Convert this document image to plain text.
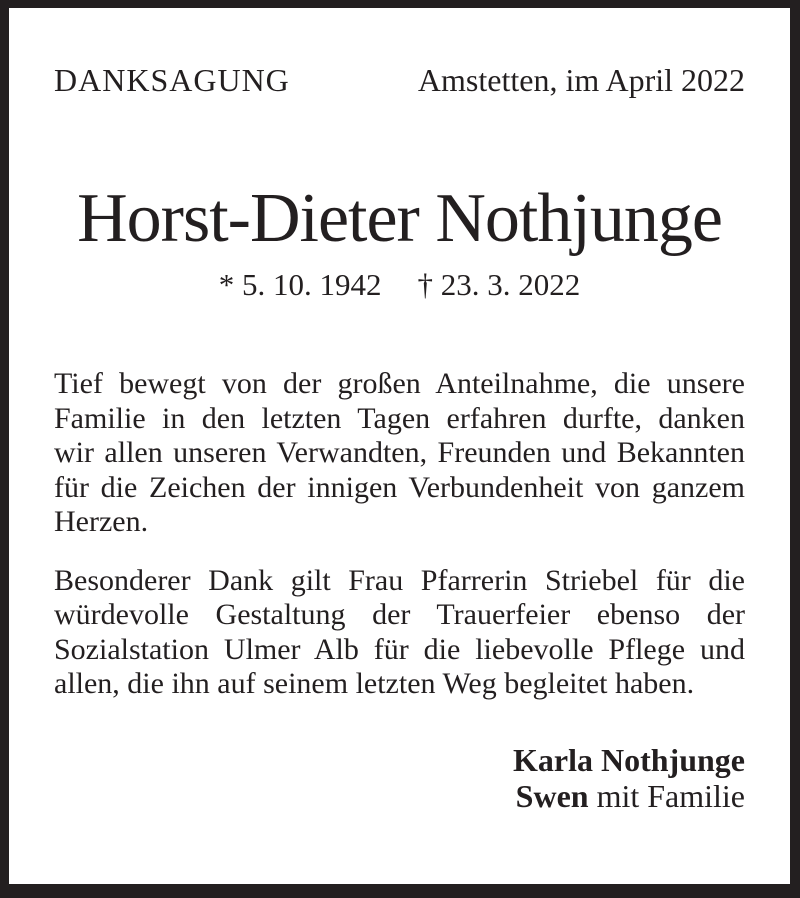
DANKSAGUNG	Amstetten, im April 2022
Horst-Dieter Nothjunge
* 5. 10. 1942 † 23. 3. 2022
Tief bewegt von der großen Anteilnahme, die unsere
Familie in den letzten Tagen erfahren durfte, danken
wir allen unseren Verwandten, Freunden und Bekannten
für die Zeichen der innigen Verbundenheit von ganzem
Herzen.
Besonderer Dank gilt Frau Pfarrerin Striebel für die
würdevolle Gestaltung der Trauerfeier ebenso der
Sozialstation Ulmer Alb für die liebevolle Pflege und
allen, die ihn auf seinem letzten Weg begleitet haben.
Karla Nothjunge
Swen mit Familie
